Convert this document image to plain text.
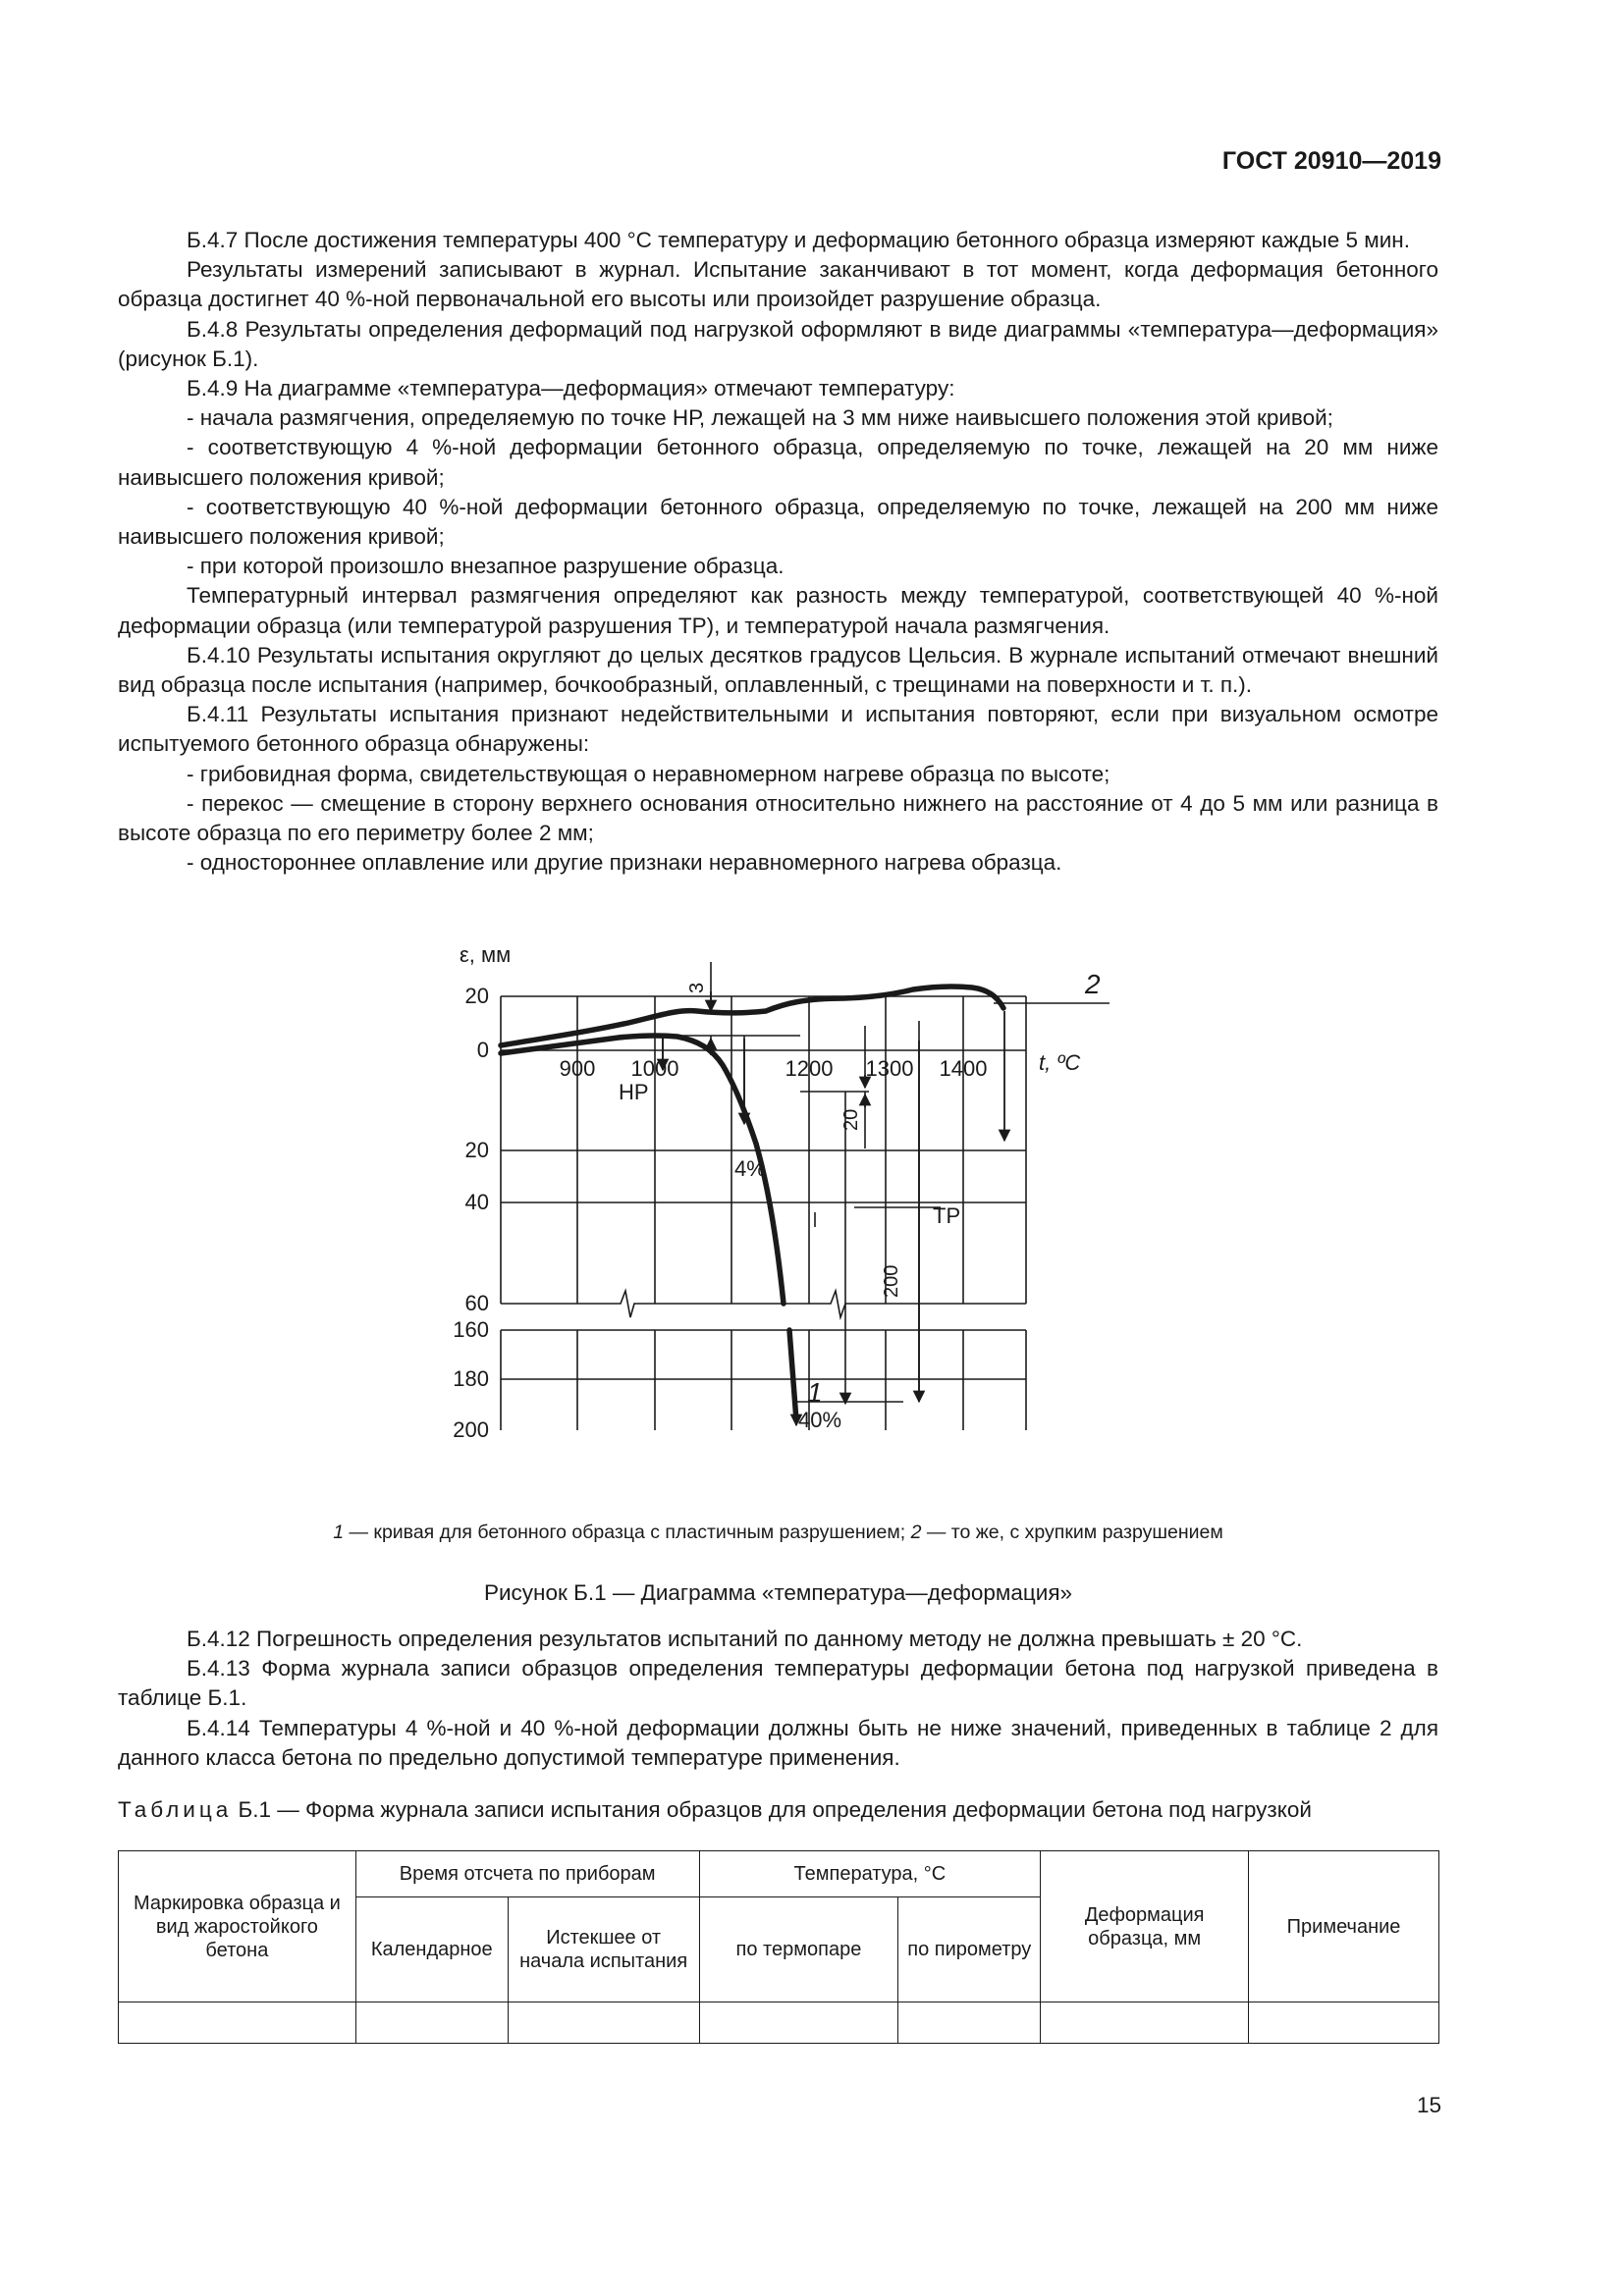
ГОСТ 20910—2019

Б.4.7 После достижения температуры 400 °С температуру и деформацию бетонного образца измеряют каждые 5 мин.

Результаты измерений записывают в журнал. Испытание заканчивают в тот момент, когда деформация бетонного образца достигнет 40 %-ной первоначальной его высоты или произойдет разрушение образца.

Б.4.8 Результаты определения деформаций под нагрузкой оформляют в виде диаграммы «температура—деформация» (рисунок Б.1).

Б.4.9 На диаграмме «температура—деформация» отмечают температуру:

- начала размягчения, определяемую по точке НР, лежащей на 3 мм ниже наивысшего положения этой кривой;

- соответствующую 4 %-ной деформации бетонного образца, определяемую по точке, лежащей на 20 мм ниже наивысшего положения кривой;

- соответствующую 40 %-ной деформации бетонного образца, определяемую по точке, лежащей на 200 мм ниже наивысшего положения кривой;

- при которой произошло внезапное разрушение образца.

Температурный интервал размягчения определяют как разность между температурой, соответствующей 40 %-ной деформации образца (или температурой разрушения ТР), и температурой начала размягчения.

Б.4.10 Результаты испытания округляют до целых десятков градусов Цельсия. В журнале испытаний отмечают внешний вид образца после испытания (например, бочкообразный, оплавленный, с трещинами на поверхности и т. п.).

Б.4.11 Результаты испытания признают недействительными и испытания повторяют, если при визуальном осмотре испытуемого бетонного образца обнаружены:

- грибовидная форма, свидетельствующая о неравномерном нагреве образца по высоте;

- перекос — смещение в сторону верхнего основания относительно нижнего на расстояние от 4 до 5 мм или разница в высоте образца по его периметру более 2 мм;

- одностороннее оплавление или другие признаки неравномерного нагрева образца.

ε, мм
t, ºС
20
0
20
40
60
160
180
200
900 1000	1200 1300 1400
2
1
3
20
200
НР
ТР
4%
40%
1 — кривая для бетонного образца с пластичным разрушением; 2 — то же, с хрупким разрушением
Рисунок Б.1 — Диаграмма «температура—деформация»

Б.4.12 Погрешность определения результатов испытаний по данному методу не должна превышать ± 20 °С.

Б.4.13 Форма журнала записи образцов определения температуры деформации бетона под нагрузкой приведена в таблице Б.1.

Б.4.14 Температуры 4 %-ной и 40 %-ной деформации должны быть не ниже значений, приведенных в таблице 2 для данного класса бетона по предельно допустимой температуре применения.

Таблица Б.1 — Форма журнала записи испытания образцов для определения деформации бетона под нагрузкой
Маркировка образца и вид жаростойкого бетона	Время отсчета по приборам		Температура, °С		Деформация образца, мм	Примечание
	Календарное	Истекшее от начала испытания	по термопаре	по пирометру		

15
